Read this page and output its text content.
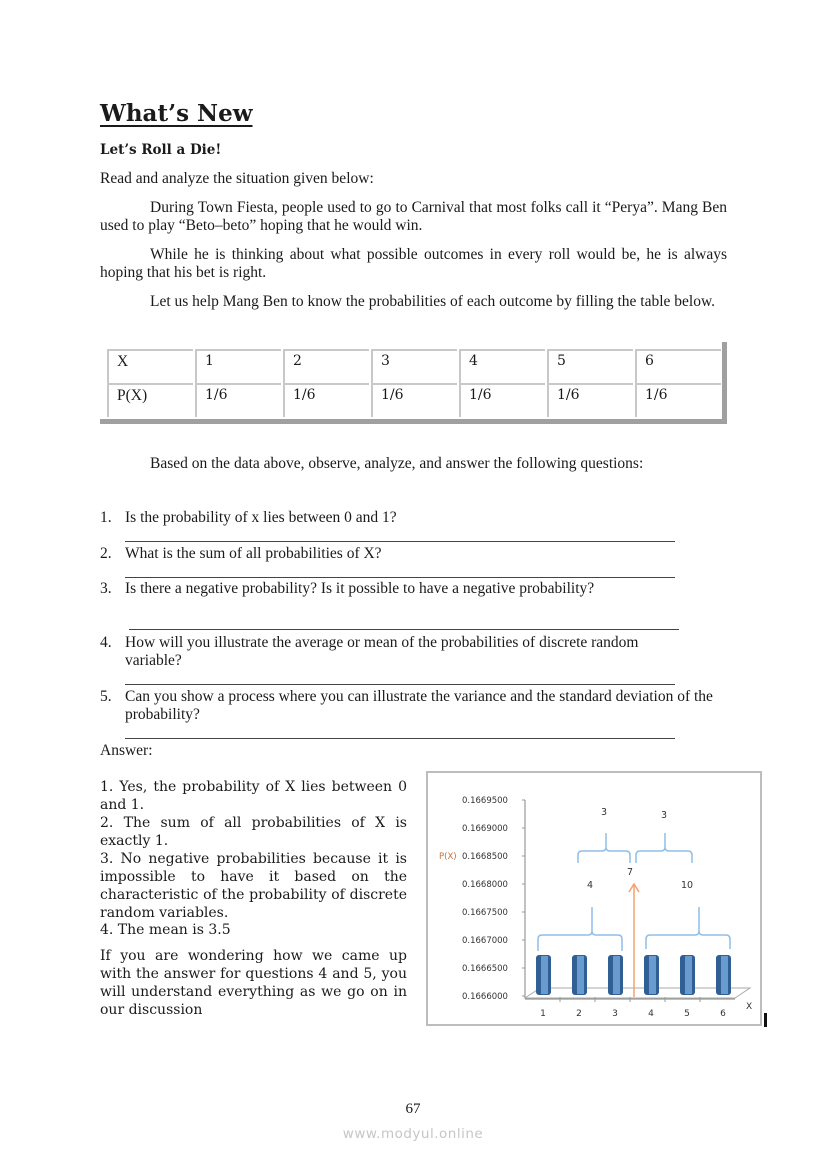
What’s New
Let’s Roll a Die!
Read and analyze the situation given below:
During Town Fiesta, people used to go to Carnival that most folks call it “Perya”. Mang Ben used to play “Beto–beto” hoping that he would win.
While he is thinking about what possible outcomes in every roll would be, he is always hoping that his bet is right.
Let us help Mang Ben to know the probabilities of each outcome by filling the table below.
X	1	2	3	4	5	6
P(X)	1/6	1/6	1/6	1/6	1/6	1/6
Based on the data above, observe, analyze, and answer the following questions:
1. Is the probability of x lies between 0 and 1?
2. What is the sum of all probabilities of X?
3. Is there a negative probability? Is it possible to have a negative probability?
4. How will you illustrate the average or mean of the probabilities of discrete random variable?
5. Can you show a process where you can illustrate the variance and the standard deviation of the probability?
Answer:
1. Yes, the probability of X lies between 0 and 1.
2. The sum of all probabilities of X is exactly 1.
3. No negative probabilities because it is impossible to have it based on the characteristic of the probability of discrete random variables.
4. The mean is 3.5
If you are wondering how we came up with the answer for questions 4 and 5, you will understand everything as we go on in our discussion
0.1669500
0.1669000
0.1668500
0.1668000
0.1667500
0.1667000
0.1666500
0.1666000
P(X)
1	2	3	4	5	6
X
4	10
3	3
7
67
www.modyul.online
